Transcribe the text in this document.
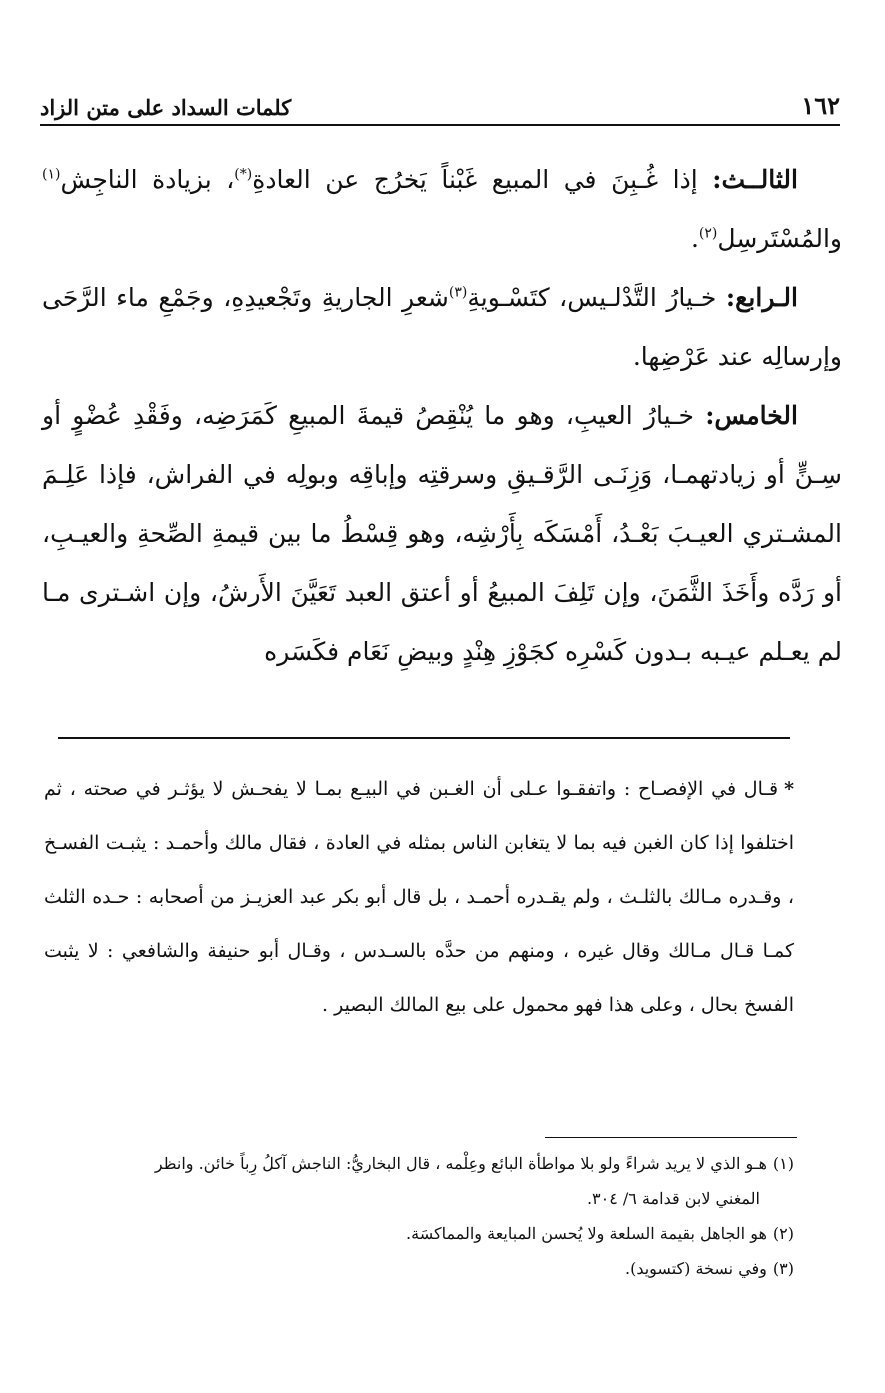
١٦٢
كلمات السداد على متن الزاد

الثالــث: إذا غُـبِنَ في المبيع غَبْناً يَخرُج عن العادةِ(*)، بزيادة الناجِش$^{(١)}$ والمُسْتَرسِل$^{(٢)}$.

الـرابع: خـيارُ التَّدْلـيس، كتَسْـويةِ$^{(٣)}$شعرِ الجاريةِ وتَجْعيدِهِ، وجَمْعِ ماء الرَّحَى وإرسالِه عند عَرْضِها.

الخامس: خـيارُ العيبِ، وهو ما يُنْقِصُ قيمةَ المبيعِ كَمَرَضِه، وفَقْدِ عُضْوٍ أو سِـنٍّ أو زيادتهمـا، وَزِنَـى الرَّقـيقِ وسرقتِه وإباقِه وبولِه في الفراش، فإذا عَلِـمَ المشـتري العيـبَ بَعْـدُ، أَمْسَكَه بِأَرْشِه، وهو قِسْطُ ما بين قيمةِ الصِّحةِ والعيـبِ، أو رَدَّه وأَخَذَ الثَّمَنَ، وإن تَلِفَ المبيعُ أو أعتق العبد تَعَيَّنَ الأَرشُ، وإن اشـترى مـا لم يعـلم عيـبه بـدون كَسْرِه كجَوْزِ هِنْدٍ وبيضِ نَعَام فكَسَره

*قـال في الإفصـاح : واتفقـوا عـلى أن الغـبن في البيـع بمـا لا يفحـش لا يؤثـر في صحته ، ثم اختلفوا إذا كان الغبن فيه بما لا يتغابن الناس بمثله في العادة ، فقال مالك وأحمـد : يثبـت الفسـخ ، وقـدره مـالك بالثلـث ، ولم يقـدره أحمـد ، بل قال أبو بكر عبد العزيـز من أصحابه : حـده الثلث كمـا قـال مـالك وقال غيره ، ومنهم من حدَّه بالسـدس ، وقـال أبو حنيفة والشافعي : لا يثبت الفسخ بحال ، وعلى هذا فهو محمول على بيع المالك البصير .

(١)هـو الذي لا يريد شراءً ولو بلا مواطأة البائع وعِلْمه ، قال البخاريُّ: الناجش آكلُ رِباً خائن. وانظر

المغني لابن قدامة ٦/ ٣٠٤.

(٢)هو الجاهل بقيمة السلعة ولا يُحسن المبايعة والمماكسَة.

(٣)وفي نسخة (كتسويد).
